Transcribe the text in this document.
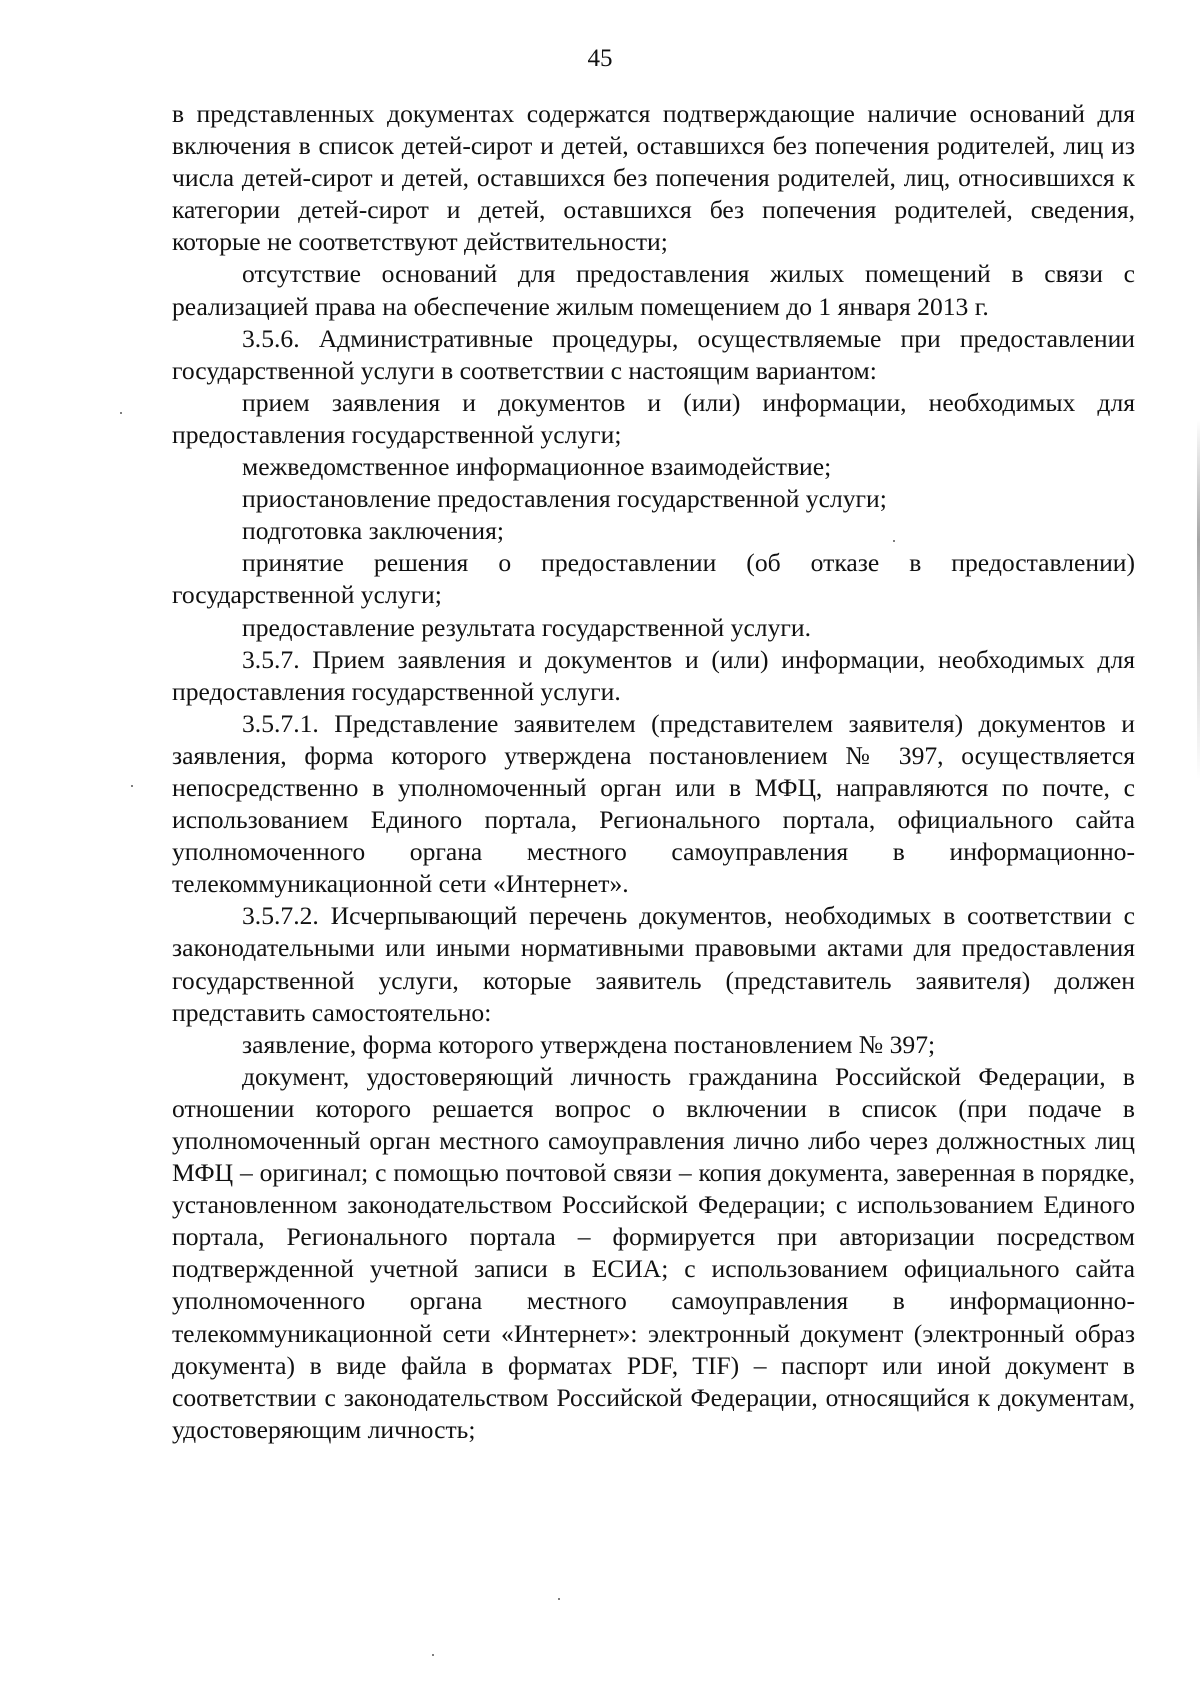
45

в представленных документах содержатся подтверждающие наличие оснований для включения в список детей-сирот и детей, оставшихся без попечения родителей, лиц из числа детей-сирот и детей, оставшихся без попечения родителей, лиц, относившихся к категории детей-сирот и детей, оставшихся без попечения родителей, сведения, которые не соответствуют действительности;

отсутствие оснований для предоставления жилых помещений в связи с реализацией права на обеспечение жилым помещением до 1 января 2013 г.

3.5.6. Административные процедуры, осуществляемые при предоставлении государственной услуги в соответствии с настоящим вариантом:

прием заявления и документов и (или) информации, необходимых для предоставления государственной услуги;

межведомственное информационное взаимодействие;

приостановление предоставления государственной услуги;

подготовка заключения;

принятие решения о предоставлении (об отказе в предоставлении) государственной услуги;

предоставление результата государственной услуги.

3.5.7. Прием заявления и документов и (или) информации, необходимых для предоставления государственной услуги.

3.5.7.1. Представление заявителем (представителем заявителя) документов и заявления, форма которого утверждена постановлением № 397, осуществляется непосредственно в уполномоченный орган или в МФЦ, направляются по почте, с использованием Единого портала, Регионального портала, официального сайта уполномоченного органа местного самоуправления в информационно-телекоммуникационной сети «Интернет».

3.5.7.2. Исчерпывающий перечень документов, необходимых в соответствии с законодательными или иными нормативными правовыми актами для предоставления государственной услуги, которые заявитель (представитель заявителя) должен представить самостоятельно:

заявление, форма которого утверждена постановлением № 397;

документ, удостоверяющий личность гражданина Российской Федерации, в отношении которого решается вопрос о включении в список (при подаче в уполномоченный орган местного самоуправления лично либо через должностных лиц МФЦ – оригинал; с помощью почтовой связи – копия документа, заверенная в порядке, установленном законодательством Российской Федерации; с использованием Единого портала, Регионального портала – формируется при авторизации посредством подтвержденной учетной записи в ЕСИА; с использованием официального сайта уполномоченного органа местного самоуправления в информационно-телекоммуникационной сети «Интернет»: электронный документ (электронный образ документа) в виде файла в форматах PDF, TIF) – паспорт или иной документ в соответствии с законодательством Российской Федерации, относящийся к документам, удостоверяющим личность;
